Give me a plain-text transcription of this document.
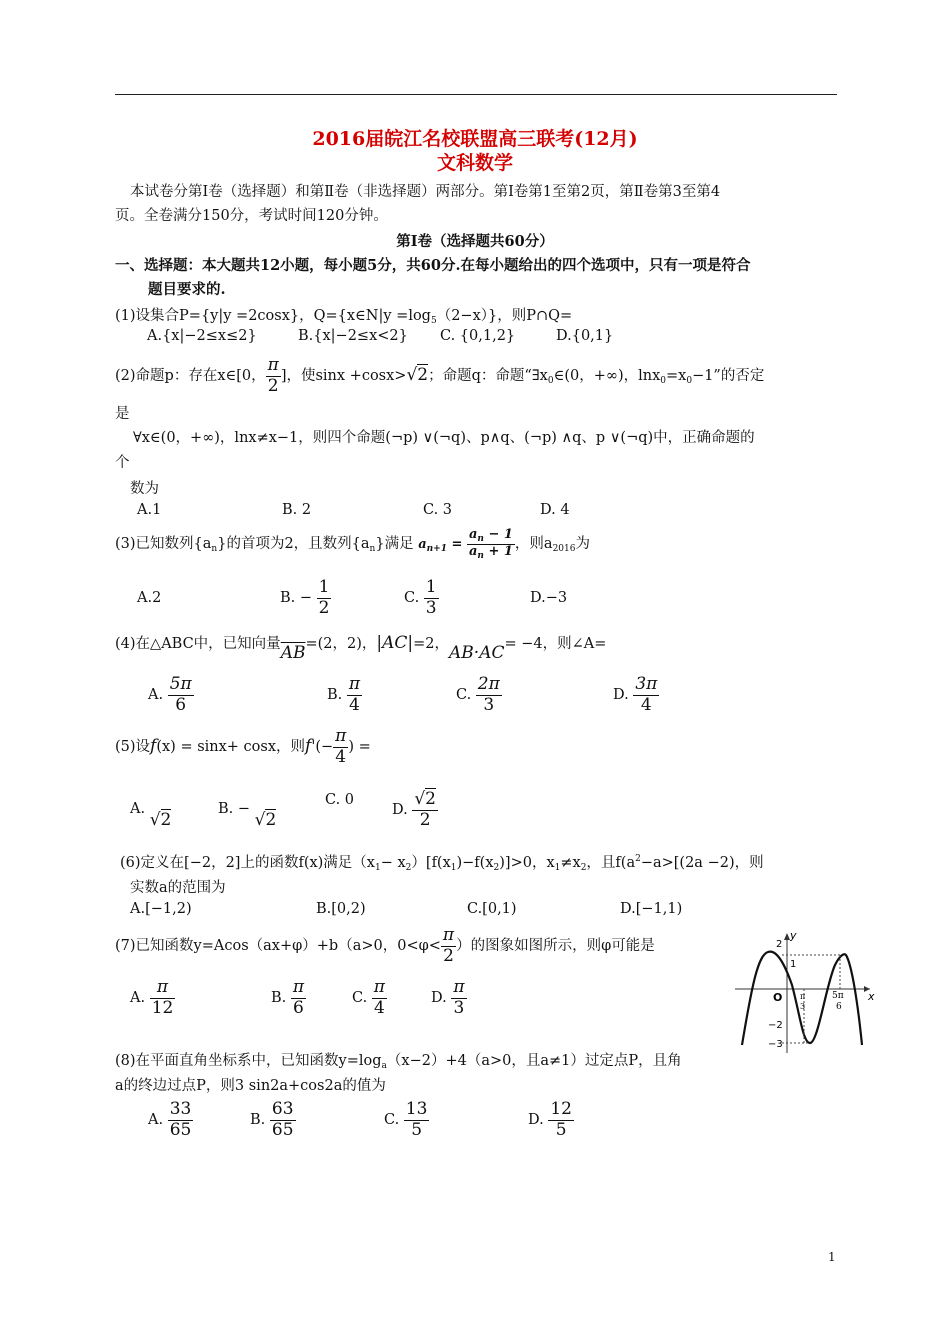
2016届皖江名校联盟高三联考(12月)
文科数学
本试卷分第Ⅰ卷（选择题）和第Ⅱ卷（非选择题）两部分。第Ⅰ卷第1至第2页，第Ⅱ卷第3至第4
页。全卷满分150分，考试时间120分钟。
第Ⅰ卷（选择题共60分）
一、选择题：本大题共12小题，每小题5分，共60分.在每小题给出的四个选项中，只有一项是符合
题目要求的.
(1)设集合P={y|y =2cosx}，Q={x∈N|y $=\log_5(2-x)$}，则P∩Q=
A.{x|−2≤x≤2}	B.{x|−2≤x<2} C. {0,1,2}	D.{0,1}
(2)命题p：存在x∈[0， $\frac{\pi}{2}$ ]，使sinx +cosx>√2；命题q：命题“$\exists x_0\in(0$，+∞)，$\ln x_0=x_0-1$”的否定
是
∀x∈(0，+∞)，lnx≠x−1，则四个命题(¬p) ∨(¬q)、p∧q、(¬p) ∧q、p ∨(¬q)中，正确命题的
个
数为
A.1	B. 2	C. 3	D. 4
(3)已知数列$\{a_n\}$的首项为2，且数列$\{a_n\}$满足 $a_{n+1} = \frac{a_n - 1}{a_n + 1}$ ，则$a_{2016}$为
A.2	B. − $\frac{1}{2}$	C. $\frac{1}{3}$	D.−3
(4)在△ABC中，已知向量$\overline{AB}=(2$，2)，|AC|=2，AB·AC= −4，则∠A=
A. $\frac{5\pi}{6}$	B. $\frac{\pi}{4}$	C. $\frac{2\pi}{3}$	D. $\frac{3\pi}{4}$
(5)设f(x) = sinx+ cosx，则$f'(- \frac{\pi}{4}$ ) =
A. √2
B. − √2
C. 0
D. $\frac{√2}{2}$
(6)定义在[−2，2]上的函数f(x)满足$(x_1- x_2)[f(x_1)-f(x_2)]>0$，$x_1\ne x_2$，且$f(a^2-a>[(2a -2)$，则
实数a的范围为
A.[−1,2)	B.[0,2)	C.[0,1)	D.[−1,1)
(7)已知函数y=Acos（ax+φ）+b（a>0，$0<\varphi< \frac{\pi}{2}$ ）的图象如图所示，则φ可能是
A. $\frac{\pi}{12}$	B. $\frac{\pi}{6}$	C. $\frac{\pi}{4}$	D. $\frac{\pi}{3}$
y
x
O
2
1
−2
−3
π
3
5π
6
(8)在平面直角坐标系中，已知函数$y=\log_a(x-2)+4(a>0$，且a≠1）过定点P，且角
a的终边过点P，则3 sin2a+cos2a的值为
A. $\frac{33}{65}$	B. $\frac{63}{65}$	C. $\frac{13}{5}$	D. $\frac{12}{5}$
1
